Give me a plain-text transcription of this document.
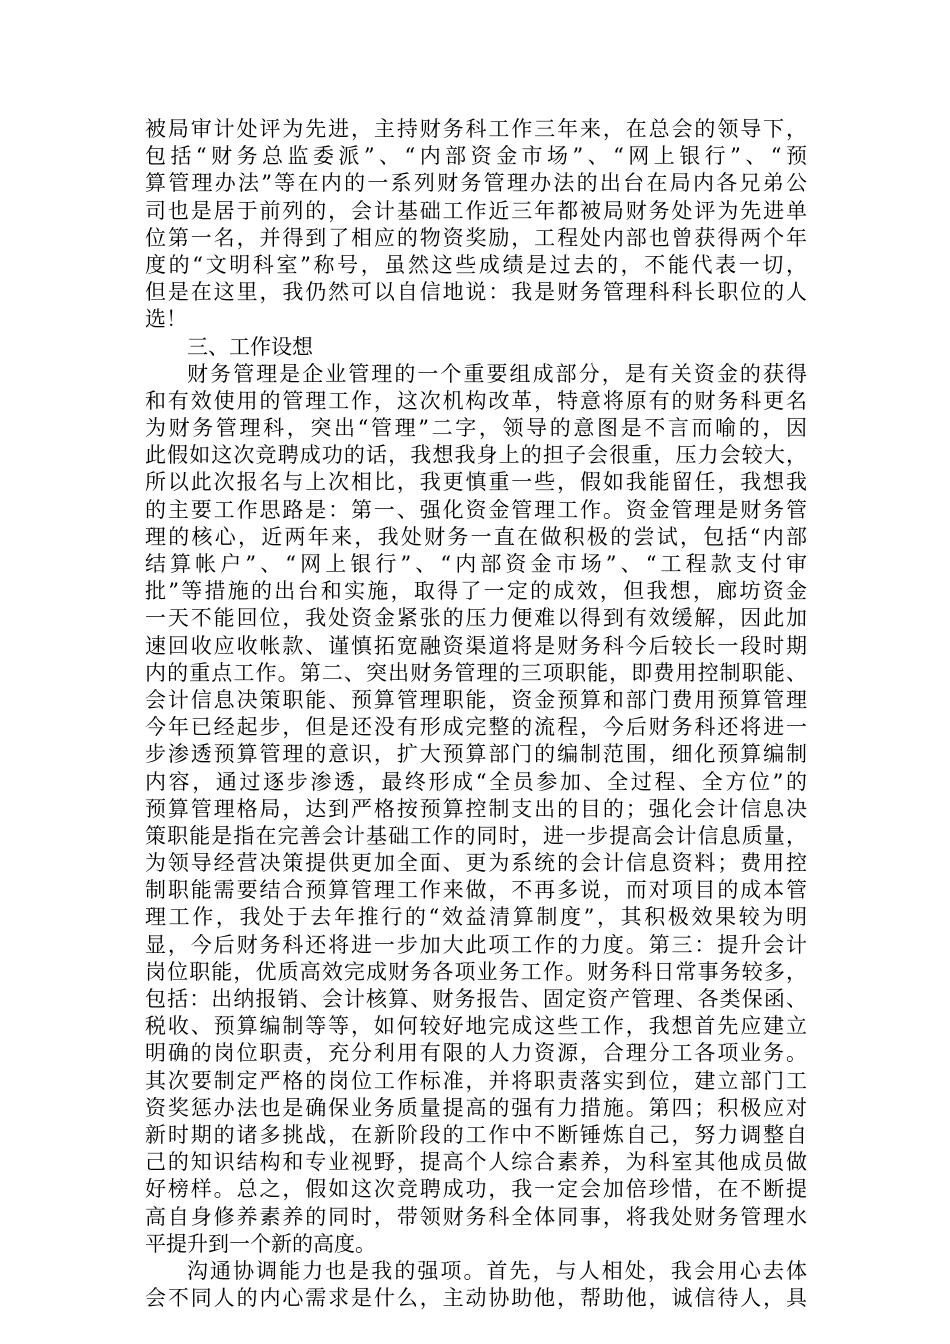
被局审计处评为先进，主持财务科工作三年来，在总会的领导下，
包括“财务总监委派”、“内部资金市场”、“网上银行”、“预
算管理办法”等在内的一系列财务管理办法的出台在局内各兄弟公
司也是居于前列的，会计基础工作近三年都被局财务处评为先进单
位第一名，并得到了相应的物资奖励，工程处内部也曾获得两个年
度的“文明科室”称号，虽然这些成绩是过去的，不能代表一切，
但是在这里，我仍然可以自信地说：我是财务管理科科长职位的人
选！
三、工作设想
财务管理是企业管理的一个重要组成部分，是有关资金的获得
和有效使用的管理工作，这次机构改革，特意将原有的财务科更名
为财务管理科，突出“管理”二字，领导的意图是不言而喻的，因
此假如这次竞聘成功的话，我想我身上的担子会很重，压力会较大，
所以此次报名与上次相比，我更慎重一些，假如我能留任，我想我
的主要工作思路是：第一、强化资金管理工作。资金管理是财务管
理的核心，近两年来，我处财务一直在做积极的尝试，包括“内部
结算帐户”、“网上银行”、“内部资金市场”、“工程款支付审
批”等措施的出台和实施，取得了一定的成效，但我想，廊坊资金
一天不能回位，我处资金紧张的压力便难以得到有效缓解，因此加
速回收应收帐款、谨慎拓宽融资渠道将是财务科今后较长一段时期
内的重点工作。第二、突出财务管理的三项职能，即费用控制职能、
会计信息决策职能、预算管理职能，资金预算和部门费用预算管理
今年已经起步，但是还没有形成完整的流程，今后财务科还将进一
步渗透预算管理的意识，扩大预算部门的编制范围，细化预算编制
内容，通过逐步渗透，最终形成“全员参加、全过程、全方位”的
预算管理格局，达到严格按预算控制支出的目的；强化会计信息决
策职能是指在完善会计基础工作的同时，进一步提高会计信息质量，
为领导经营决策提供更加全面、更为系统的会计信息资料；费用控
制职能需要结合预算管理工作来做，不再多说，而对项目的成本管
理工作，我处于去年推行的“效益清算制度”，其积极效果较为明
显，今后财务科还将进一步加大此项工作的力度。第三：提升会计
岗位职能，优质高效完成财务各项业务工作。财务科日常事务较多，
包括：出纳报销、会计核算、财务报告、固定资产管理、各类保函、
税收、预算编制等等，如何较好地完成这些工作，我想首先应建立
明确的岗位职责，充分利用有限的人力资源，合理分工各项业务。
其次要制定严格的岗位工作标准，并将职责落实到位，建立部门工
资奖惩办法也是确保业务质量提高的强有力措施。第四；积极应对
新时期的诸多挑战，在新阶段的工作中不断锤炼自己，努力调整自
己的知识结构和专业视野，提高个人综合素养，为科室其他成员做
好榜样。总之，假如这次竞聘成功，我一定会加倍珍惜，在不断提
高自身修养素养的同时，带领财务科全体同事，将我处财务管理水
平提升到一个新的高度。
沟通协调能力也是我的强项。首先，与人相处，我会用心去体
会不同人的内心需求是什么，主动协助他，帮助他，诚信待人，具
